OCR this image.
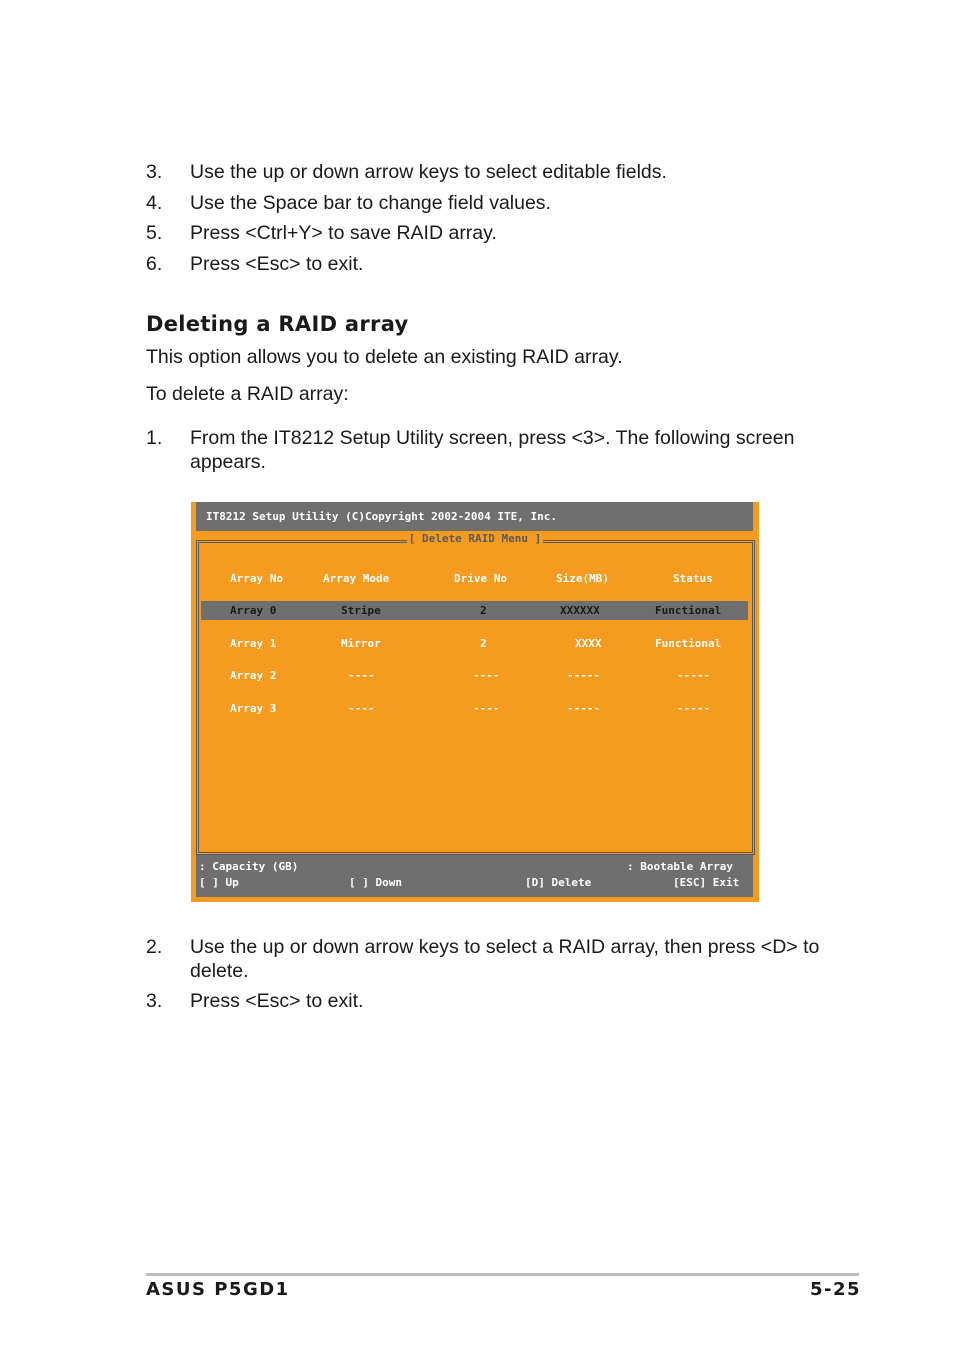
3. Use the up or down arrow keys to select editable fields.
4. Use the Space bar to change field values.
5. Press <Ctrl+Y> to save RAID array.
6. Press <Esc> to exit.
Deleting a RAID array
This option allows you to delete an existing RAID array.
To delete a RAID array:
1. From the IT8212 Setup Utility screen, press <3>. The following screen appears.
IT8212 Setup Utility (C)Copyright 2002-2004 ITE, Inc.
[ Delete RAID Menu ]
Array No	Array Mode	Drive No	Size(MB)	Status
Array 0	Stripe	2	XXXXXX	Functional
Array 1	Mirror	2	XXXX	Functional
Array 2	----	----	-----	-----
Array 3	----	----	-----	-----
: Capacity (GB)	: Bootable Array
[ ] Up	[ ] Down	[D] Delete	[ESC] Exit
2. Use the up or down arrow keys to select a RAID array, then press <D> to delete.
3. Press <Esc> to exit.
ASUS P5GD1	5-25
